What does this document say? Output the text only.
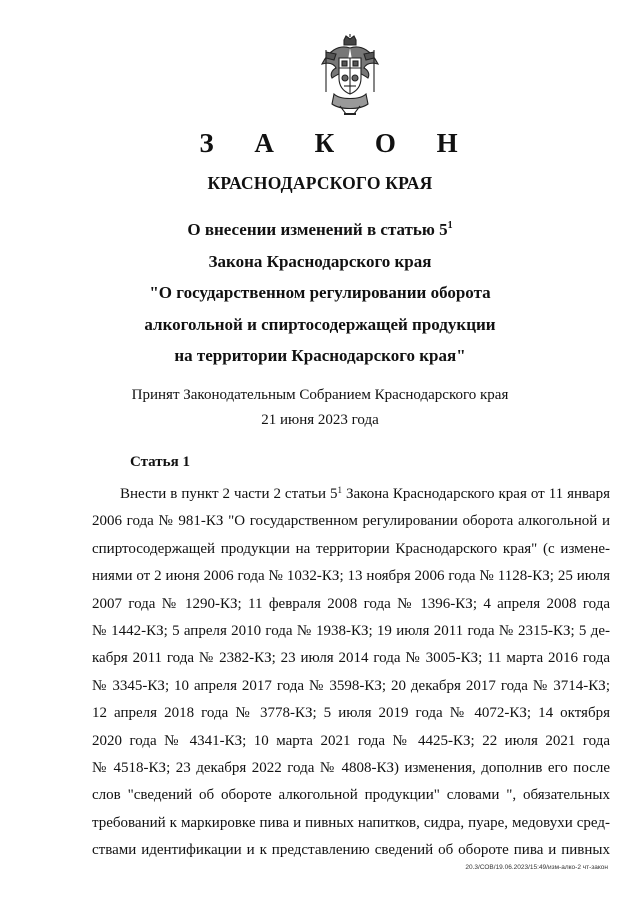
З А К О Н
КРАСНОДАРСКОГО КРАЯ
О внесении изменений в статью $5^1$
Закона Краснодарского края
"О государственном регулировании оборота
алкогольной и спиртосодержащей продукции
на территории Краснодарского края"
Принят Законодательным Собранием Краснодарского края
21 июня 2023 года
Статья 1
Внести в пункт 2 части 2 статьи $5^1$ Закона Краснодарского края от 11 января
2006 года № 981-КЗ "О государственном регулировании оборота алкогольной и
спиртосодержащей продукции на территории Краснодарского края" (с измене-
ниями от 2 июня 2006 года № 1032-КЗ; 13 ноября 2006 года № 1128-КЗ; 25 июля
2007 года № 1290-КЗ; 11 февраля 2008 года № 1396-КЗ; 4 апреля 2008 года
№ 1442-КЗ; 5 апреля 2010 года № 1938-КЗ; 19 июля 2011 года № 2315-КЗ; 5 де-
кабря 2011 года № 2382-КЗ; 23 июля 2014 года № 3005-КЗ; 11 марта 2016 года
№ 3345-КЗ; 10 апреля 2017 года № 3598-КЗ; 20 декабря 2017 года № 3714-КЗ;
12 апреля 2018 года № 3778-КЗ; 5 июля 2019 года № 4072-КЗ; 14 октября
2020 года № 4341-КЗ; 10 марта 2021 года № 4425-КЗ; 22 июля 2021 года
№ 4518-КЗ; 23 декабря 2022 года № 4808-КЗ) изменения, дополнив его после
слов "сведений об обороте алкогольной продукции" словами ", обязательных
требований к маркировке пива и пивных напитков, сидра, пуаре, медовухи сред-
ствами идентификации и к представлению сведений об обороте пива и пивных
20.3/СОВ/19.06.2023/15:49/изм-алко-2 чт-закон
